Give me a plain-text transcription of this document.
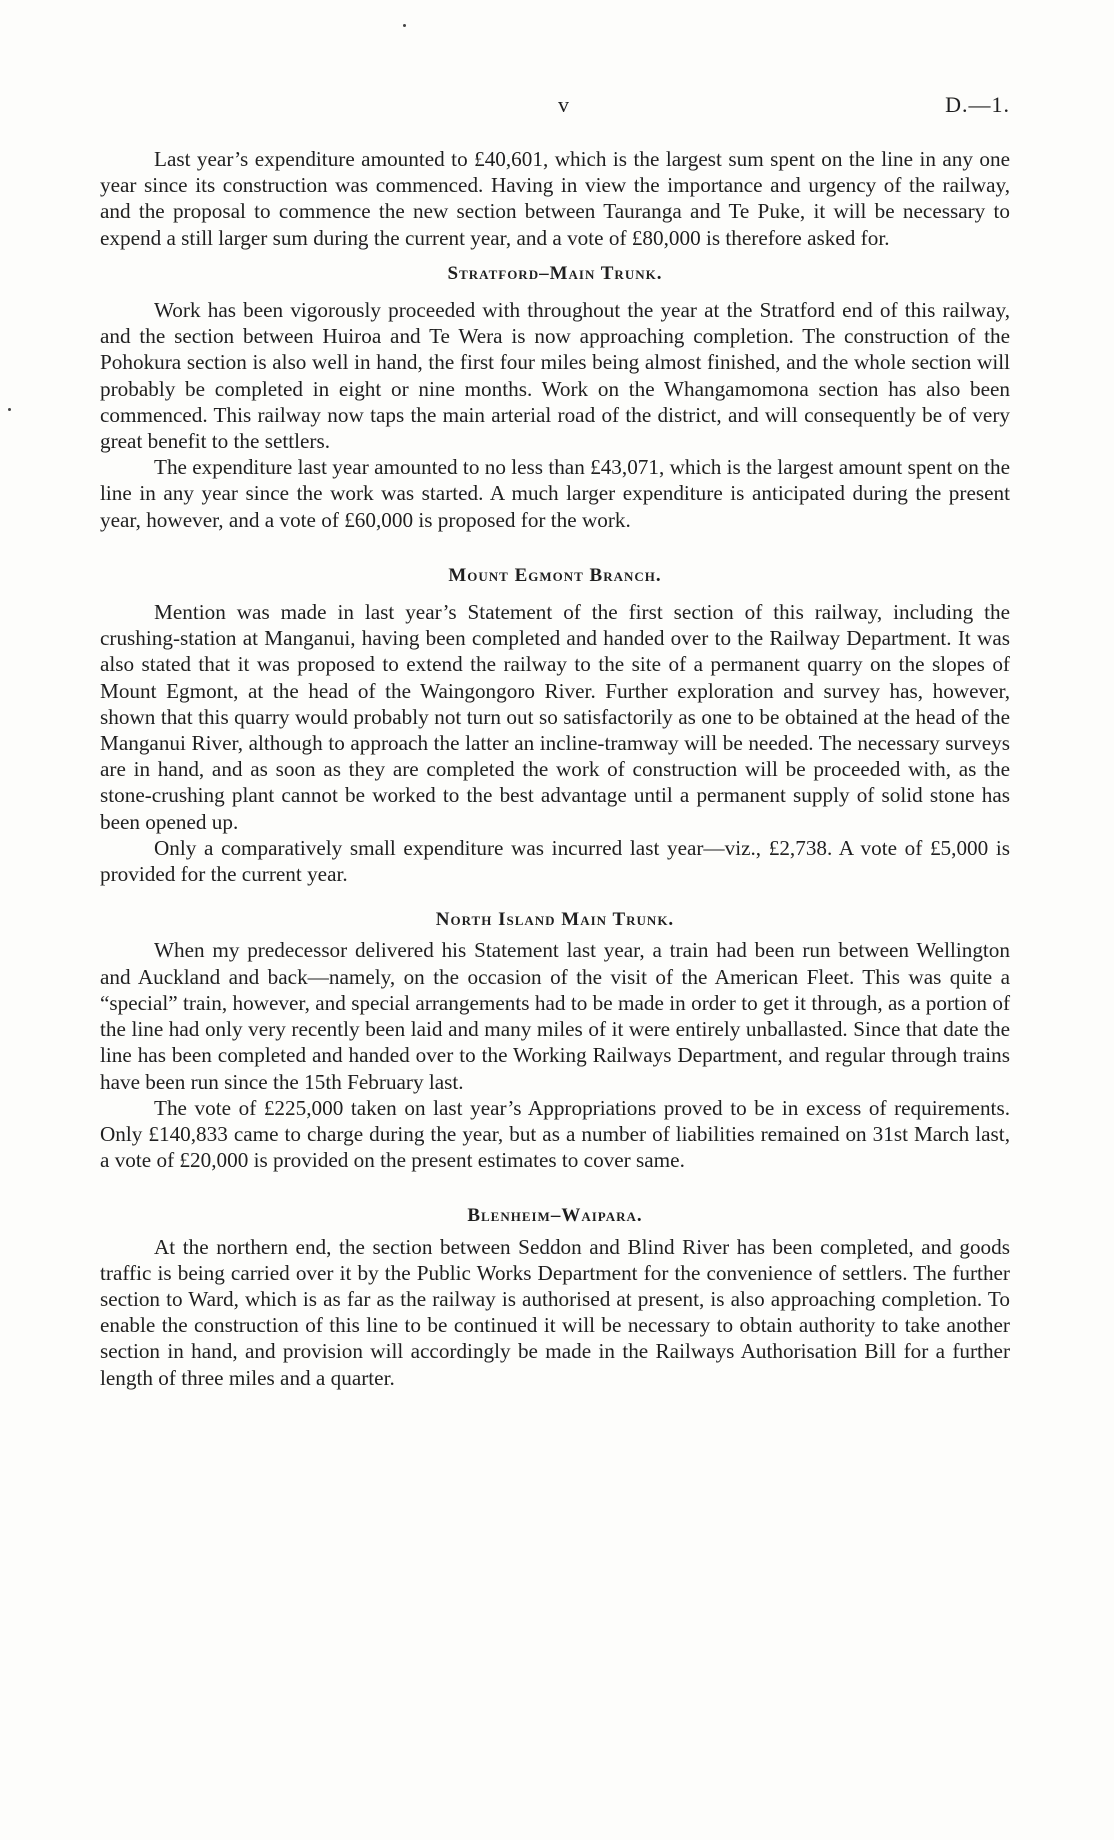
v	D.—1.

Last year’s expenditure amounted to £40,601, which is the largest sum spent on the line in any one year since its construction was commenced. Having in view the importance and urgency of the railway, and the proposal to commence the new section between Tauranga and Te Puke, it will be necessary to expend a still larger sum during the current year, and a vote of £80,000 is therefore asked for.

Stratford–Main Trunk.

Work has been vigorously proceeded with throughout the year at the Stratford end of this railway, and the section between Huiroa and Te Wera is now approaching completion. The construction of the Pohokura section is also well in hand, the first four miles being almost finished, and the whole section will probably be completed in eight or nine months. Work on the Whangamomona section has also been commenced. This railway now taps the main arterial road of the district, and will consequently be of very great benefit to the settlers.

The expenditure last year amounted to no less than £43,071, which is the largest amount spent on the line in any year since the work was started. A much larger expenditure is anticipated during the present year, however, and a vote of £60,000 is proposed for the work.

Mount Egmont Branch.

Mention was made in last year’s Statement of the first section of this railway, including the crushing-station at Manganui, having been completed and handed over to the Railway Department. It was also stated that it was proposed to extend the railway to the site of a permanent quarry on the slopes of Mount Egmont, at the head of the Waingongoro River. Further exploration and survey has, however, shown that this quarry would probably not turn out so satisfactorily as one to be obtained at the head of the Manganui River, although to approach the latter an incline-tramway will be needed. The necessary surveys are in hand, and as soon as they are completed the work of construction will be proceeded with, as the stone-crushing plant cannot be worked to the best advantage until a permanent supply of solid stone has been opened up.

Only a comparatively small expenditure was incurred last year—viz., £2,738. A vote of £5,000 is provided for the current year.

North Island Main Trunk.

When my predecessor delivered his Statement last year, a train had been run between Wellington and Auckland and back—namely, on the occasion of the visit of the American Fleet. This was quite a “special” train, however, and special arrangements had to be made in order to get it through, as a portion of the line had only very recently been laid and many miles of it were entirely unballasted. Since that date the line has been completed and handed over to the Working Railways Department, and regular through trains have been run since the 15th February last.

The vote of £225,000 taken on last year’s Appropriations proved to be in excess of requirements. Only £140,833 came to charge during the year, but as a number of liabilities remained on 31st March last, a vote of £20,000 is provided on the present estimates to cover same.

Blenheim–Waipara.

At the northern end, the section between Seddon and Blind River has been completed, and goods traffic is being carried over it by the Public Works Department for the convenience of settlers. The further section to Ward, which is as far as the railway is authorised at present, is also approaching completion. To enable the construction of this line to be continued it will be necessary to obtain authority to take another section in hand, and provision will accordingly be made in the Railways Authorisation Bill for a further length of three miles and a quarter.
